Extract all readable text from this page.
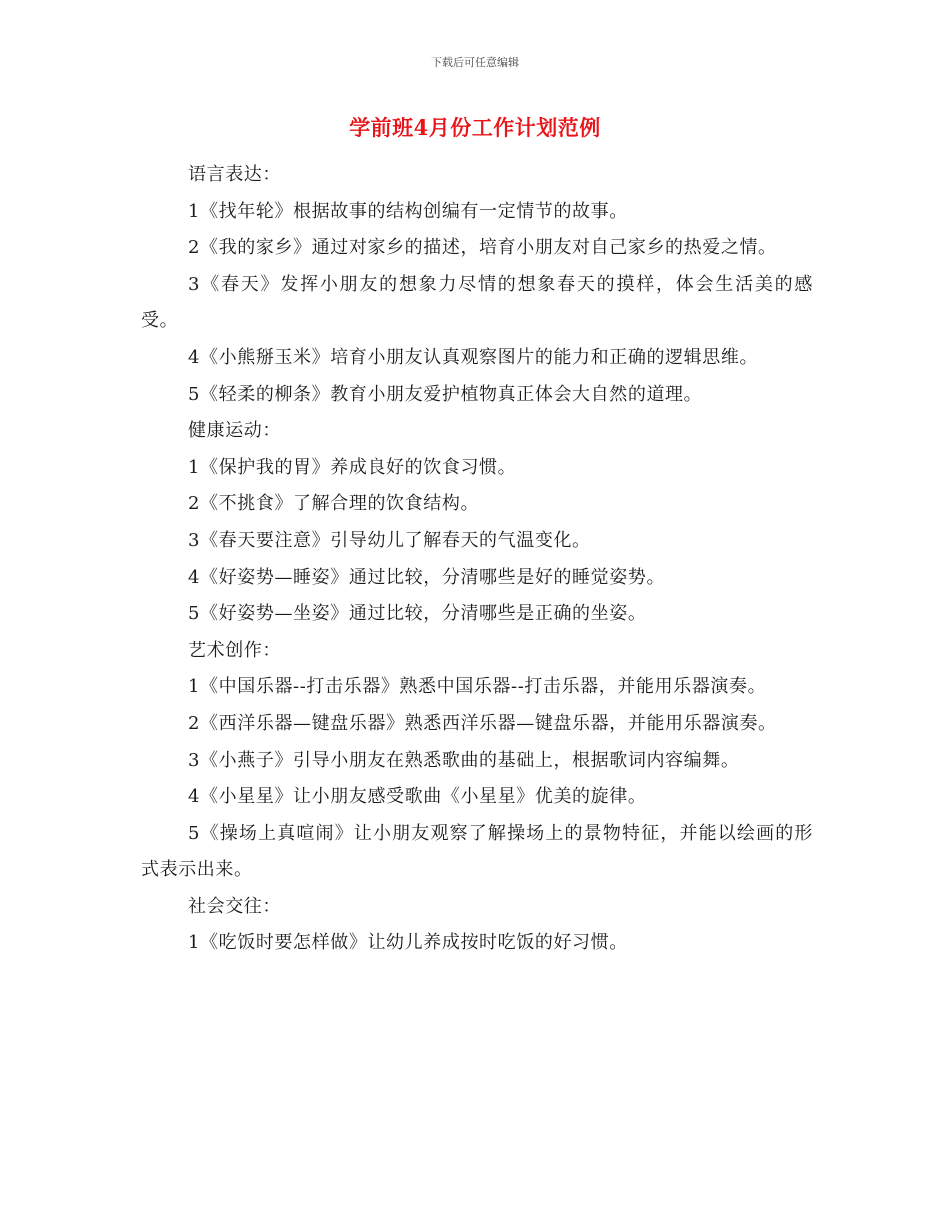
下载后可任意编辑
学前班4月份工作计划范例

语言表达：

1《找年轮》根据故事的结构创编有一定情节的故事。

2《我的家乡》通过对家乡的描述，培育小朋友对自己家乡的热爱之情。

3《春天》发挥小朋友的想象力尽情的想象春天的摸样，体会生活美的感受。

4《小熊掰玉米》培育小朋友认真观察图片的能力和正确的逻辑思维。

5《轻柔的柳条》教育小朋友爱护植物真正体会大自然的道理。

健康运动：

1《保护我的胃》养成良好的饮食习惯。

2《不挑食》了解合理的饮食结构。

3《春天要注意》引导幼儿了解春天的气温变化。

4《好姿势—睡姿》通过比较，分清哪些是好的睡觉姿势。

5《好姿势—坐姿》通过比较，分清哪些是正确的坐姿。

艺术创作：

1《中国乐器--打击乐器》熟悉中国乐器--打击乐器，并能用乐器演奏。

2《西洋乐器—键盘乐器》熟悉西洋乐器—键盘乐器，并能用乐器演奏。

3《小燕子》引导小朋友在熟悉歌曲的基础上，根据歌词内容编舞。

4《小星星》让小朋友感受歌曲《小星星》优美的旋律。

5《操场上真喧闹》让小朋友观察了解操场上的景物特征，并能以绘画的形式表示出来。

社会交往：

1《吃饭时要怎样做》让幼儿养成按时吃饭的好习惯。
